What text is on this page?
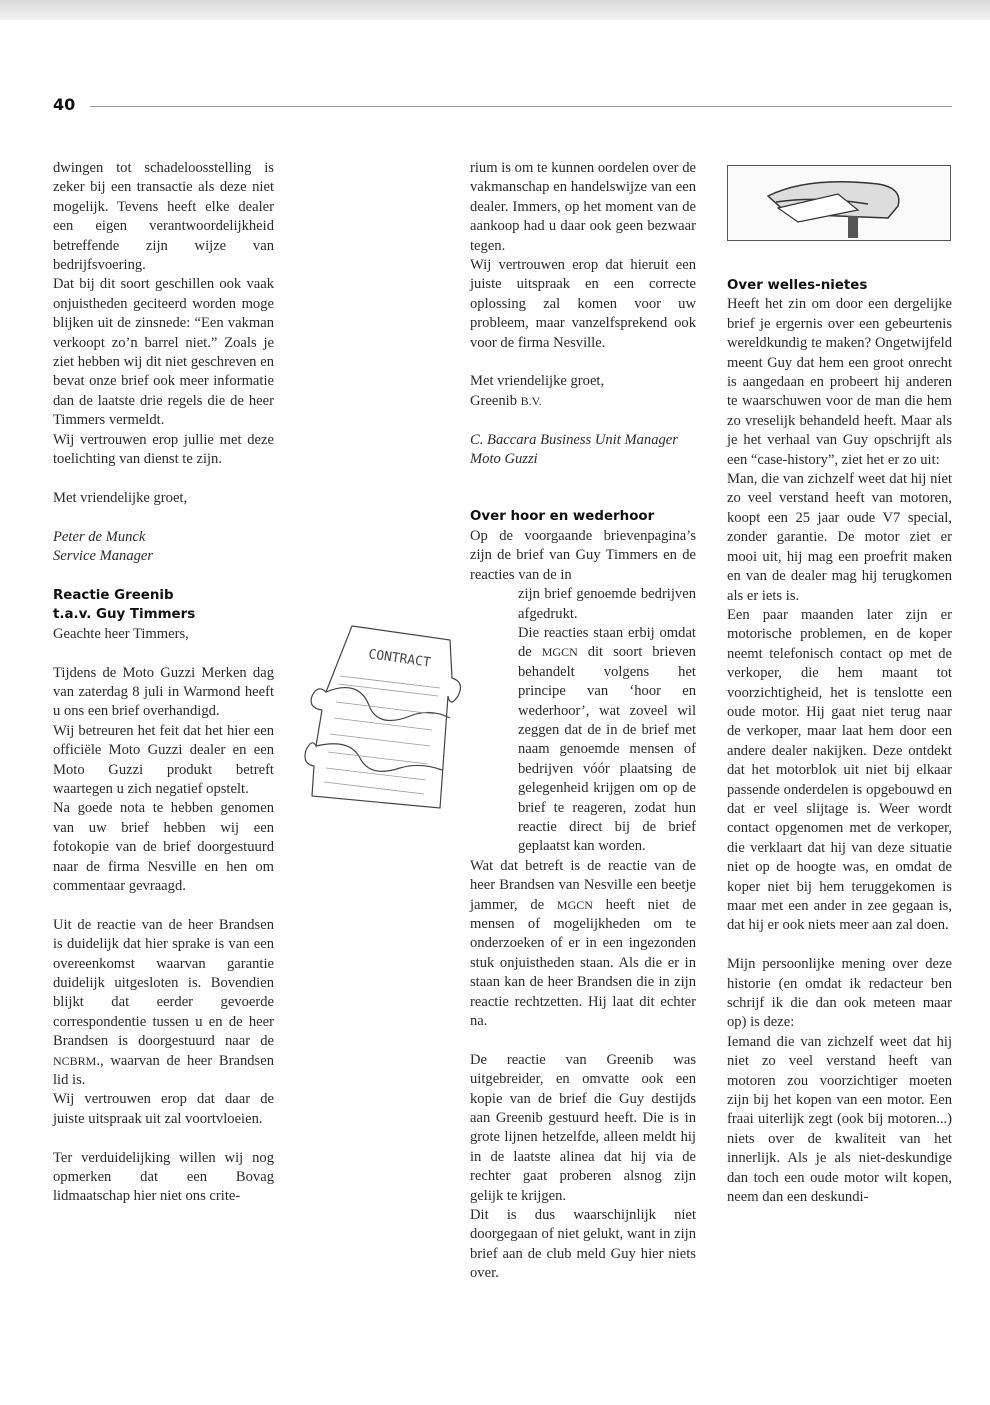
40

dwingen tot schadeloosstelling is zeker bij een transactie als deze niet mogelijk. Tevens heeft elke dealer een eigen verantwoordelijkheid betreffende zijn wijze van bedrijfsvoering.

Dat bij dit soort geschillen ook vaak onjuistheden geciteerd worden moge blijken uit de zinsnede: “Een vakman verkoopt zo’n barrel niet.” Zoals je ziet hebben wij dit niet geschreven en bevat onze brief ook meer informatie dan de laatste drie regels die de heer Timmers vermeldt.

Wij vertrouwen erop jullie met deze toelichting van dienst te zijn.

Met vriendelijke groet,

Peter de Munck

Service Manager

Reactie Greenib
t.a.v. Guy Timmers

Geachte heer Timmers,

Tijdens de Moto Guzzi Merken dag van zaterdag 8 juli in Warmond heeft u ons een brief overhandigd.

Wij betreuren het feit dat het hier een officiële Moto Guzzi dealer en een Moto Guzzi produkt betreft waartegen u zich negatief opstelt.

Na goede nota te hebben genomen van uw brief hebben wij een fotokopie van de brief doorgestuurd naar de firma Nesville en hen om commentaar gevraagd.

Uit de reactie van de heer Brandsen is duidelijk dat hier sprake is van een overeenkomst waarvan garantie duidelijk uitgesloten is. Bovendien blijkt dat eerder gevoerde correspondentie tussen u en de heer Brandsen is doorgestuurd naar de NCBRM., waarvan de heer Brandsen lid is.

Wij vertrouwen erop dat daar de juiste uitspraak uit zal voortvloeien.

Ter verduidelijking willen wij nog opmerken dat een Bovag lidmaatschap hier niet ons crite-

rium is om te kunnen oordelen over de vakmanschap en handelswijze van een dealer. Immers, op het moment van de aankoop had u daar ook geen bezwaar tegen.

Wij vertrouwen erop dat hieruit een juiste uitspraak en een correcte oplossing zal komen voor uw probleem, maar vanzelfsprekend ook voor de firma Nesville.

Met vriendelijke groet,

Greenib B.V.

C. Baccara Business Unit Manager

Moto Guzzi

Over hoor en wederhoor

Op de voorgaande brievenpagina’s zijn de brief van Guy Timmers en de reacties van de in

zijn brief genoemde bedrijven afgedrukt.

Die reacties staan erbij omdat de MGCN dit soort brieven behandelt volgens het principe van ‘hoor en wederhoor’, wat zoveel wil zeggen dat de in de brief met naam genoemde mensen of bedrijven vóór plaatsing de gelegenheid krijgen om op de brief te reageren, zodat hun reactie direct bij de brief geplaatst kan worden.

Wat dat betreft is de reactie van de heer Brandsen van Nesville een beetje jammer, de MGCN heeft niet de mensen of mogelijkheden om te onderzoeken of er in een ingezonden stuk onjuistheden staan. Als die er in staan kan de heer Brandsen die in zijn reactie rechtzetten. Hij laat dit echter na.

De reactie van Greenib was uitgebreider, en omvatte ook een kopie van de brief die Guy destijds aan Greenib gestuurd heeft. Die is in grote lijnen hetzelfde, alleen meldt hij in de laatste alinea dat hij via de rechter gaat proberen alsnog zijn gelijk te krijgen.

Dit is dus waarschijnlijk niet doorgegaan of niet gelukt, want in zijn brief aan de club meld Guy hier niets over.

CONTRACT
Over welles-nietes

Heeft het zin om door een dergelijke brief je ergernis over een gebeurtenis wereldkundig te maken? Ongetwijfeld meent Guy dat hem een groot onrecht is aangedaan en probeert hij anderen te waarschuwen voor de man die hem zo vreselijk behandeld heeft. Maar als je het verhaal van Guy opschrijft als een “case-history”, ziet het er zo uit:

Man, die van zichzelf weet dat hij niet zo veel verstand heeft van motoren, koopt een 25 jaar oude V7 special, zonder garantie. De motor ziet er mooi uit, hij mag een proefrit maken en van de dealer mag hij terugkomen als er iets is.

Een paar maanden later zijn er motorische problemen, en de koper neemt telefonisch contact op met de verkoper, die hem maant tot voorzichtigheid, het is tenslotte een oude motor. Hij gaat niet terug naar de verkoper, maar laat hem door een andere dealer nakijken. Deze ontdekt dat het motorblok uit niet bij elkaar passende onderdelen is opgebouwd en dat er veel slijtage is. Weer wordt contact opgenomen met de verkoper, die verklaart dat hij van deze situatie niet op de hoogte was, en omdat de koper niet bij hem teruggekomen is maar met een ander in zee gegaan is, dat hij er ook niets meer aan zal doen.

Mijn persoonlijke mening over deze historie (en omdat ik redacteur ben schrijf ik die dan ook meteen maar op) is deze:

Iemand die van zichzelf weet dat hij niet zo veel verstand heeft van motoren zou voorzichtiger moeten zijn bij het kopen van een motor. Een fraai uiterlijk zegt (ook bij motoren...) niets over de kwaliteit van het innerlijk. Als je als niet-deskundige dan toch een oude motor wilt kopen, neem dan een deskundi-
